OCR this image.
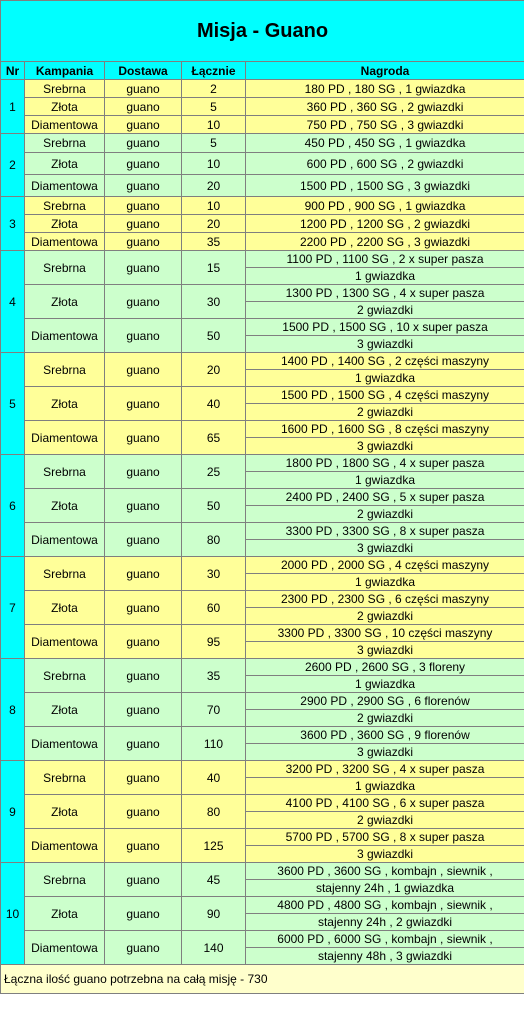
Misja - Guano				
Nr	Kampania	Dostawa	Łącznie	Nagroda
1	Srebrna	guano	2	180 PD , 180 SG , 1 gwiazdka

	Złota	guano	5	360 PD , 360 SG , 2 gwiazdki

	Diamentowa	guano	10	750 PD , 750 SG , 3 gwiazdki

2	Srebrna	guano	5	450 PD , 450 SG , 1 gwiazdka

	Złota	guano	10	600 PD , 600 SG , 2 gwiazdki

	Diamentowa	guano	20	1500 PD , 1500 SG , 3 gwiazdki

3	Srebrna	guano	10	900 PD , 900 SG , 1 gwiazdka

	Złota	guano	20	1200 PD , 1200 SG , 2 gwiazdki

	Diamentowa	guano	35	2200 PD , 2200 SG , 3 gwiazdki

4	Srebrna	guano	15	1100 PD , 1100 SG , 2 x super pasza
1 gwiazdka

	Złota	guano	30	1300 PD , 1300 SG , 4 x super pasza
2 gwiazdki

	Diamentowa	guano	50	1500 PD , 1500 SG , 10 x super pasza
3 gwiazdki

5	Srebrna	guano	20	1400 PD , 1400 SG , 2 części maszyny
1 gwiazdka

	Złota	guano	40	1500 PD , 1500 SG , 4 części maszyny
2 gwiazdki

	Diamentowa	guano	65	1600 PD , 1600 SG , 8 części maszyny
3 gwiazdki

6	Srebrna	guano	25	1800 PD , 1800 SG , 4 x super pasza
1 gwiazdka

	Złota	guano	50	2400 PD , 2400 SG , 5 x super pasza
2 gwiazdki

	Diamentowa	guano	80	3300 PD , 3300 SG , 8 x super pasza
3 gwiazdki

7	Srebrna	guano	30	2000 PD , 2000 SG , 4 części maszyny
1 gwiazdka

	Złota	guano	60	2300 PD , 2300 SG , 6 części maszyny
2 gwiazdki

	Diamentowa	guano	95	3300 PD , 3300 SG , 10 części maszyny
3 gwiazdki

8	Srebrna	guano	35	2600 PD , 2600 SG , 3 floreny
1 gwiazdka

	Złota	guano	70	2900 PD , 2900 SG , 6 florenów
2 gwiazdki

	Diamentowa	guano	110	3600 PD , 3600 SG , 9 florenów
3 gwiazdki

9	Srebrna	guano	40	3200 PD , 3200 SG , 4 x super pasza
1 gwiazdka

	Złota	guano	80	4100 PD , 4100 SG , 6 x super pasza
2 gwiazdki

	Diamentowa	guano	125	5700 PD , 5700 SG , 8 x super pasza
3 gwiazdki

10	Srebrna	guano	45	3600 PD , 3600 SG , kombajn , siewnik ,
stajenny 24h , 1 gwiazdka

	Złota	guano	90	4800 PD , 4800 SG , kombajn , siewnik ,
stajenny 24h , 2 gwiazdki

	Diamentowa	guano	140	6000 PD , 6000 SG , kombajn , siewnik ,
stajenny 48h , 3 gwiazdki

Łączna ilość guano potrzebna na całą misję - 730				
